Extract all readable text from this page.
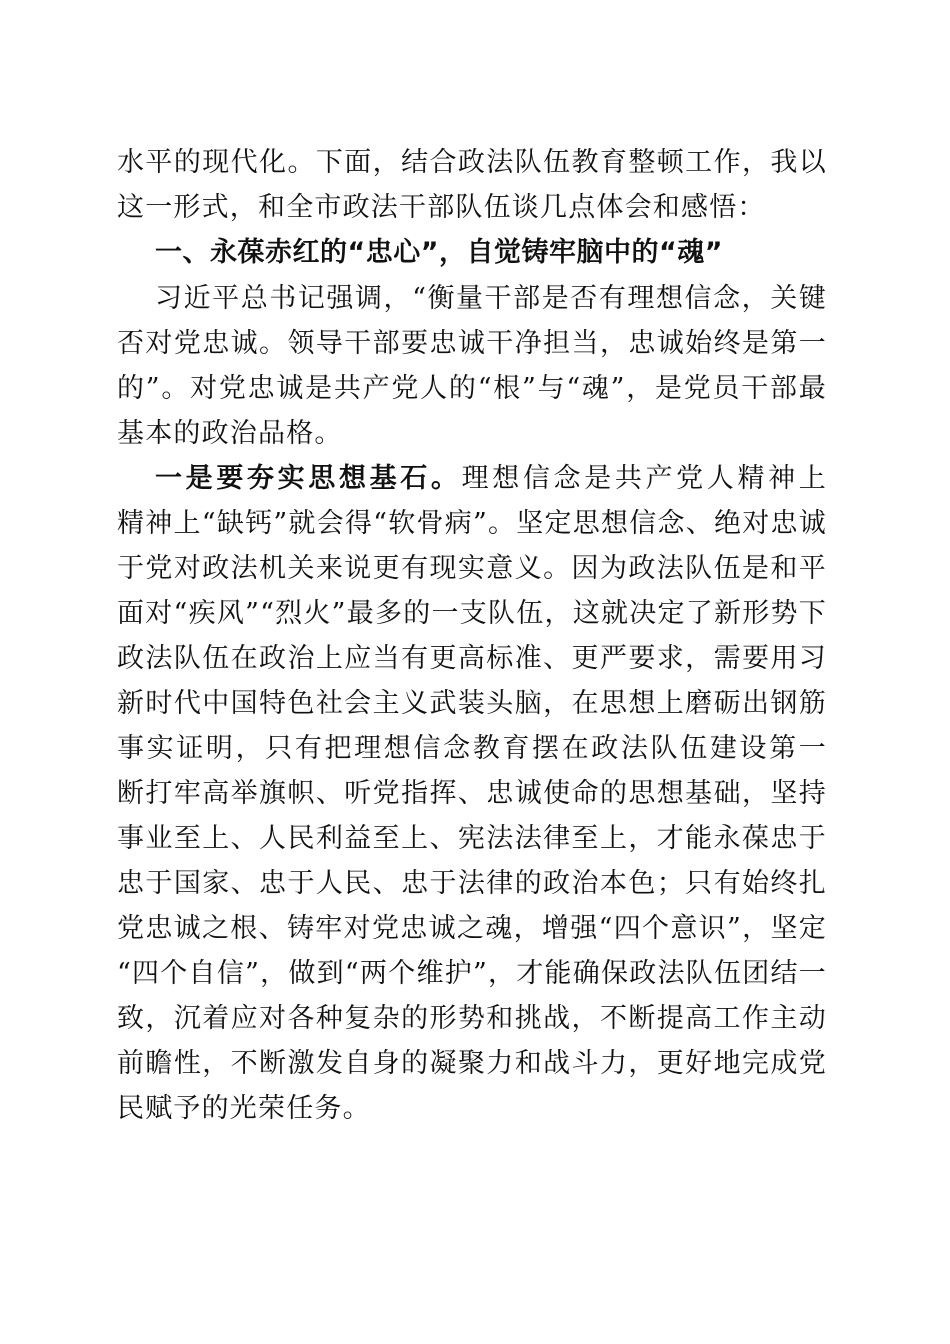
水平的现代化。下面，结合政法队伍教育整顿工作，我以
这一形式，和全市政法干部队伍谈几点体会和感悟：
一、永葆赤红的“忠心”，自觉铸牢脑中的“魂”
习近平总书记强调，“衡量干部是否有理想信念，关键
否对党忠诚。领导干部要忠诚干净担当，忠诚始终是第一
的”。对党忠诚是共产党人的“根”与“魂”，是党员干部最
基本的政治品格。
一是要夯实思想基石。理想信念是共产党人精神上
精神上“缺钙”就会得“软骨病”。坚定思想信念、绝对忠诚
于党对政法机关来说更有现实意义。因为政法队伍是和平
面对“疾风”“烈火”最多的一支队伍，这就决定了新形势下
政法队伍在政治上应当有更高标准、更严要求，需要用习
新时代中国特色社会主义武装头脑，在思想上磨砺出钢筋
事实证明，只有把理想信念教育摆在政法队伍建设第一
断打牢高举旗帜、听党指挥、忠诚使命的思想基础，坚持
事业至上、人民利益至上、宪法法律至上，才能永葆忠于
忠于国家、忠于人民、忠于法律的政治本色；只有始终扎
党忠诚之根、铸牢对党忠诚之魂，增强“四个意识”，坚定
“四个自信”，做到“两个维护”，才能确保政法队伍团结一
致，沉着应对各种复杂的形势和挑战，不断提高工作主动
前瞻性，不断激发自身的凝聚力和战斗力，更好地完成党
民赋予的光荣任务。
